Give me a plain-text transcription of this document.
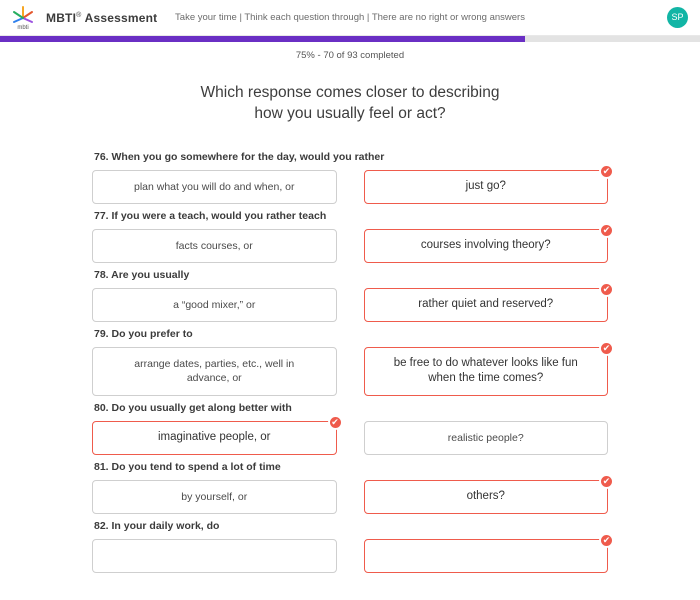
mbti
MBTI® Assessment	Take your time | Think each question through | There are no right or wrong answers	SP
75% - 70 of 93 completed
Which response comes closer to describing
how you usually feel or act?
76. When you go somewhere for the day, would you rather
plan what you will do and when, or	just go?
✔
77. If you were a teach, would you rather teach
facts courses, or	courses involving theory?
✔
78. Are you usually
a “good mixer,” or	rather quiet and reserved?
✔
79. Do you prefer to
arrange dates, parties, etc., well in advance, or
be free to do whatever looks like fun when the time comes?
✔
80. Do you usually get along better with
imaginative people, or
✔
realistic people?
81. Do you tend to spend a lot of time
by yourself, or	others?
✔
82. In your daily work, do
✔
